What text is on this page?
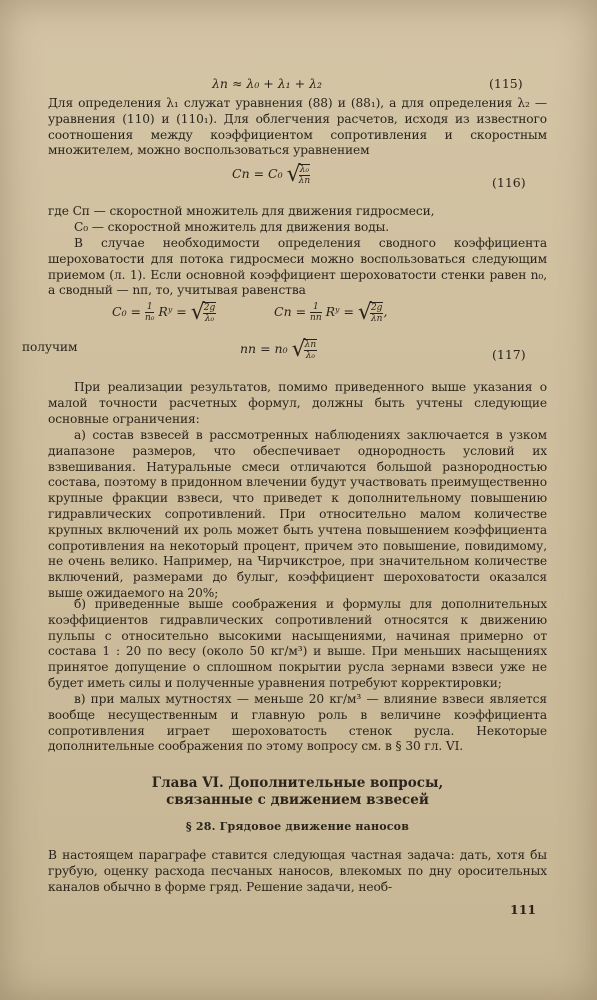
λп ≈ λ₀ + λ₁ + λ₂	(115)
Для определения λ₁ служат уравнения (88) и (88₁), а для определения λ₂ — уравнения (110) и (110₁). Для облегчения расчетов, исходя из известного соотношения между коэффициентом сопротивления и скоростным множителем, можно воспользоваться уравнением
Cп = C₀ √
$\frac{\text{λ₀}}{\lambda п}$	(116)
где Cп — скоростной множитель для движения гидросмеси,
C₀ — скоростной множитель для движения воды.
В случае необходимости определения сводного коэффициента шероховатости для потока гидросмеси можно воспользоваться следующим приемом (л. 1). Если основной коэффициент шероховатости стенки равен n₀, а сводный — nп, то, учитывая равенства
$C_0 = \frac{1}{\text{n₀}}$ Rʸ = √
$\frac{2g}{\text{λ₀}}$	Cп = $\frac{1}{nп}$ Rʸ = √
$\frac{2g}{\lambda п}$ ,
получим	nп = n₀ √
$\frac{\lambda п}{\text{λ₀}}$	(117)
При реализации результатов, помимо приведенного выше указания о малой точности расчетных формул, должны быть учтены следующие основные ограничения:
а) состав взвесей в рассмотренных наблюдениях заключается в узком диапазоне размеров, что обеспечивает однородность условий их взвешивания. Натуральные смеси отличаются большой разнородностью состава, поэтому в придонном влечении будут участвовать преимущественно крупные фракции взвеси, что приведет к дополнительному повышению гидравлических сопротивлений. При относительно малом количестве крупных включений их роль может быть учтена повышением коэффициента сопротивления на некоторый процент, причем это повышение, повидимому, не очень велико. Например, на Чирчикстрое, при значительном количестве включений, размерами до булыг, коэффициент шероховатости оказался выше ожидаемого на 20%;
б) приведенные выше соображения и формулы для дополнительных коэффициентов гидравлических сопротивлений относятся к движению пульпы с относительно высокими насыщениями, начиная примерно от состава 1 : 20 по весу (около 50 кг/м³) и выше. При меньших насыщениях принятое допущение о сплошном покрытии русла зернами взвеси уже не будет иметь силы и полученные уравнения потребуют корректировки;
в) при малых мутностях — меньше 20 кг/м³ — влияние взвеси является вообще несущественным и главную роль в величине коэффициента сопротивления играет шероховатость стенок русла. Некоторые дополнительные соображения по этому вопросу см. в § 30 гл. VI.
Глава VI. Дополнительные вопросы,
связанные с движением взвесей
§ 28. Грядовое движение наносов
В настоящем параграфе ставится следующая частная задача: дать, хотя бы грубую, оценку расхода песчаных наносов, влекомых по дну оросительных каналов обычно в форме гряд. Решение задачи, необ-
111
